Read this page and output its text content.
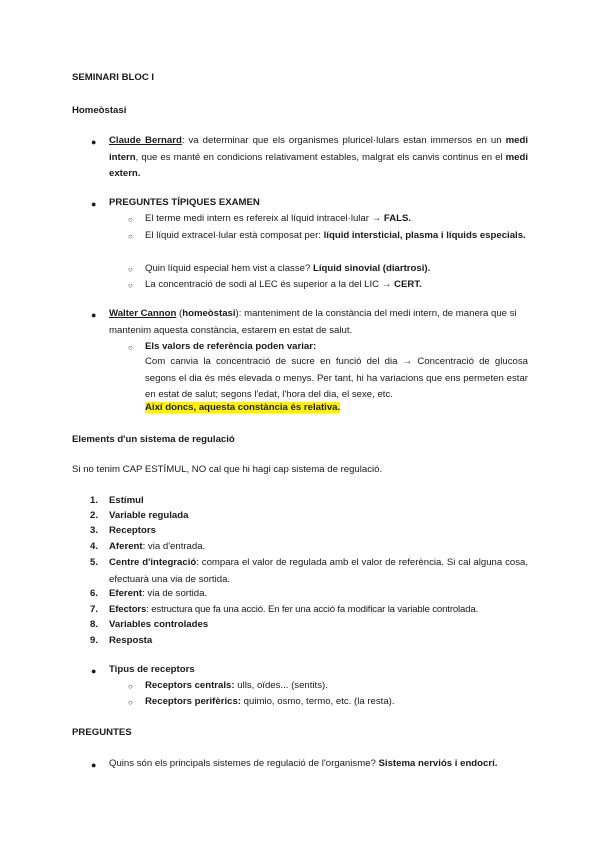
SEMINARI BLOC I
Homeòstasi
● Claude Bernard: va determinar que els organismes pluricel·lulars estan immersos en un medi intern, que es manté en condicions relativament estables, malgrat els canvis continus en el medi extern.
● PREGUNTES TÍPIQUES EXAMEN
○ El terme medi intern es refereix al líquid intracel·lular → FALS.
○ El líquid extracel·lular està composat per: líquid intersticial, plasma i líquids especials.
○ Quin líquid especial hem vist a classe? Líquid sinovial (diartrosi).
○ La concentració de sodi al LEC és superior a la del LIC → CERT.
● Walter Cannon (homeòstasi): manteniment de la constància del medi intern, de manera que si mantenim aquesta constància, estarem en estat de salut.
○ Els valors de referència poden variar:
Com canvia la concentració de sucre en funció del dia → Concentració de glucosa segons el dia és més elevada o menys. Per tant, hi ha variacions que ens permeten estar en estat de salut; segons l'edat, l'hora del dia, el sexe, etc.
Així doncs, aquesta constància és relativa.
Elements d'un sistema de regulació
Si no tenim CAP ESTÍMUL, NO cal que hi hagi cap sistema de regulació.
1. Estímul
2. Variable regulada
3. Receptors
4. Aferent: via d'entrada.
5. Centre d'integració: compara el valor de regulada amb el valor de referència. Si cal alguna cosa, efectuarà una via de sortida.
6. Eferent: via de sortida.
7. Efectors: estructura que fa una acció. En fer una acció fa modificar la variable controlada.
8. Variables controlades
9. Resposta
● Tipus de receptors
○ Receptors centrals: ulls, oïdes... (sentits).
○ Receptors perifèrics: quimio, osmo, termo, etc. (la resta).
PREGUNTES
● Quins són els principals sistemes de regulació de l'organisme? Sistema nerviós i endocrí.
